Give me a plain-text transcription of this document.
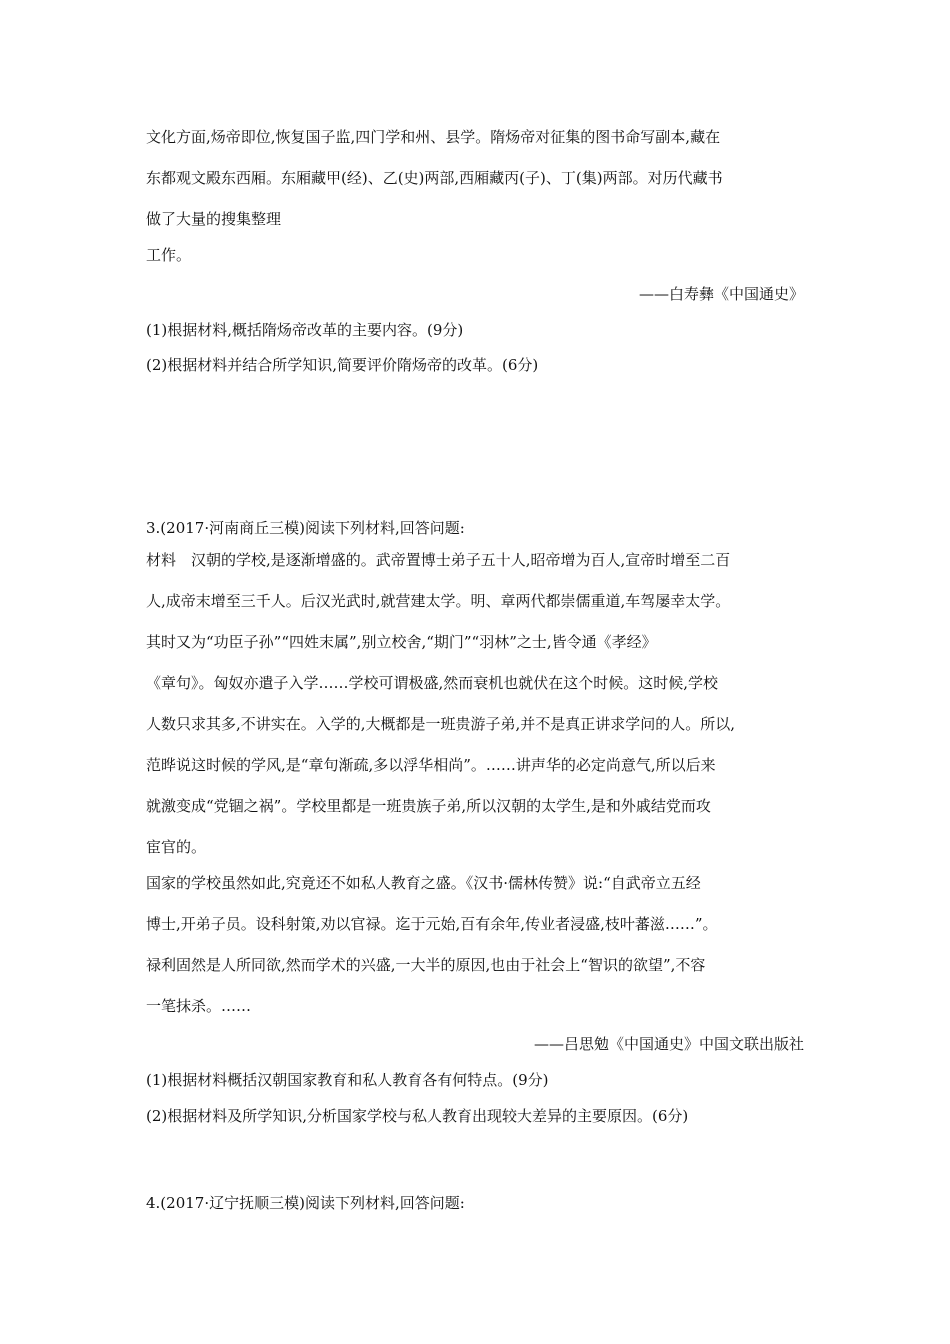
文化方面,炀帝即位,恢复国子监,四门学和州、县学。隋炀帝对征集的图书命写副本,藏在
东都观文殿东西厢。东厢藏甲(经)、乙(史)两部,西厢藏丙(子)、丁(集)两部。对历代藏书
做了大量的搜集整理
工作。
——白寿彝《中国通史》
(1)根据材料,概括隋炀帝改革的主要内容。(9分)
(2)根据材料并结合所学知识,简要评价隋炀帝的改革。(6分)
3.(2017·河南商丘三模)阅读下列材料,回答问题:
材料　汉朝的学校,是逐渐增盛的。武帝置博士弟子五十人,昭帝增为百人,宣帝时增至二百
人,成帝末增至三千人。后汉光武时,就营建太学。明、章两代都崇儒重道,车驾屡幸太学。
其时又为“功臣子孙”“四姓末属”,别立校舍,“期门”“羽林”之士,皆令通《孝经》
《章句》。匈奴亦遣子入学……学校可谓极盛,然而衰机也就伏在这个时候。这时候,学校
人数只求其多,不讲实在。入学的,大概都是一班贵游子弟,并不是真正讲求学问的人。所以,
范晔说这时候的学风,是“章句渐疏,多以浮华相尚”。……讲声华的必定尚意气,所以后来
就激变成“党锢之祸”。学校里都是一班贵族子弟,所以汉朝的太学生,是和外戚结党而攻
宦官的。
国家的学校虽然如此,究竟还不如私人教育之盛。《汉书·儒林传赞》说:“自武帝立五经
博士,开弟子员。设科射策,劝以官禄。迄于元始,百有余年,传业者浸盛,枝叶蕃滋……”。
禄利固然是人所同欲,然而学术的兴盛,一大半的原因,也由于社会上“智识的欲望”,不容
一笔抹杀。……
——吕思勉《中国通史》中国文联出版社
(1)根据材料概括汉朝国家教育和私人教育各有何特点。(9分)
(2)根据材料及所学知识,分析国家学校与私人教育出现较大差异的主要原因。(6分)
4.(2017·辽宁抚顺三模)阅读下列材料,回答问题:
